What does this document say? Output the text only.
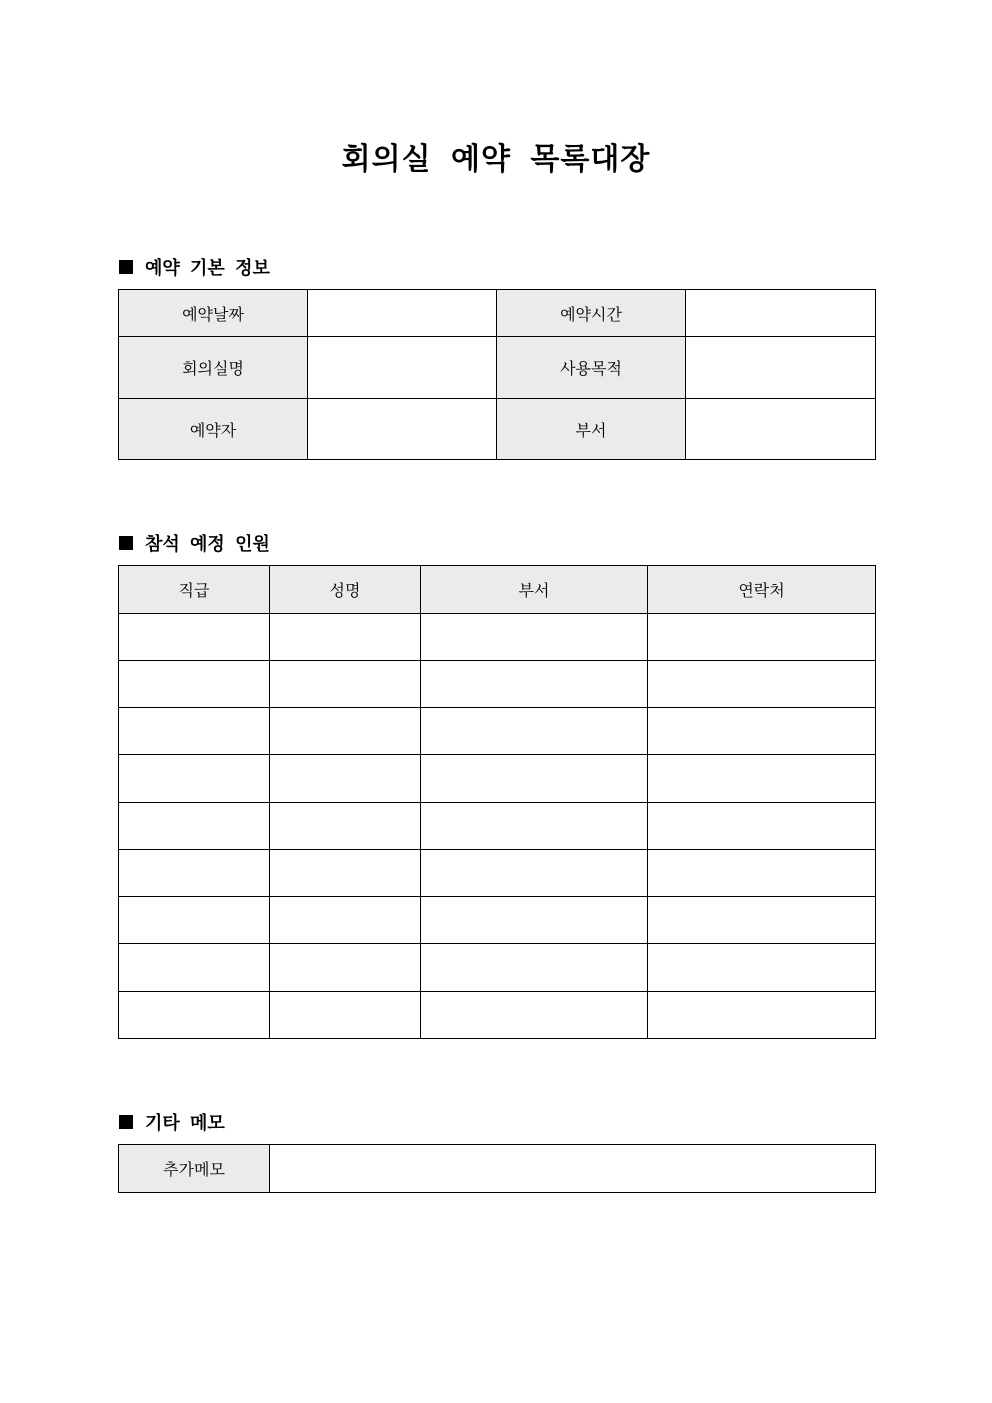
회의실 예약 목록대장
예약 기본 정보
예약날짜		예약시간	
회의실명		사용목적	
예약자		부서	
참석 예정 인원
직급	성명	부서	연락처

기타 메모
추가메모	
